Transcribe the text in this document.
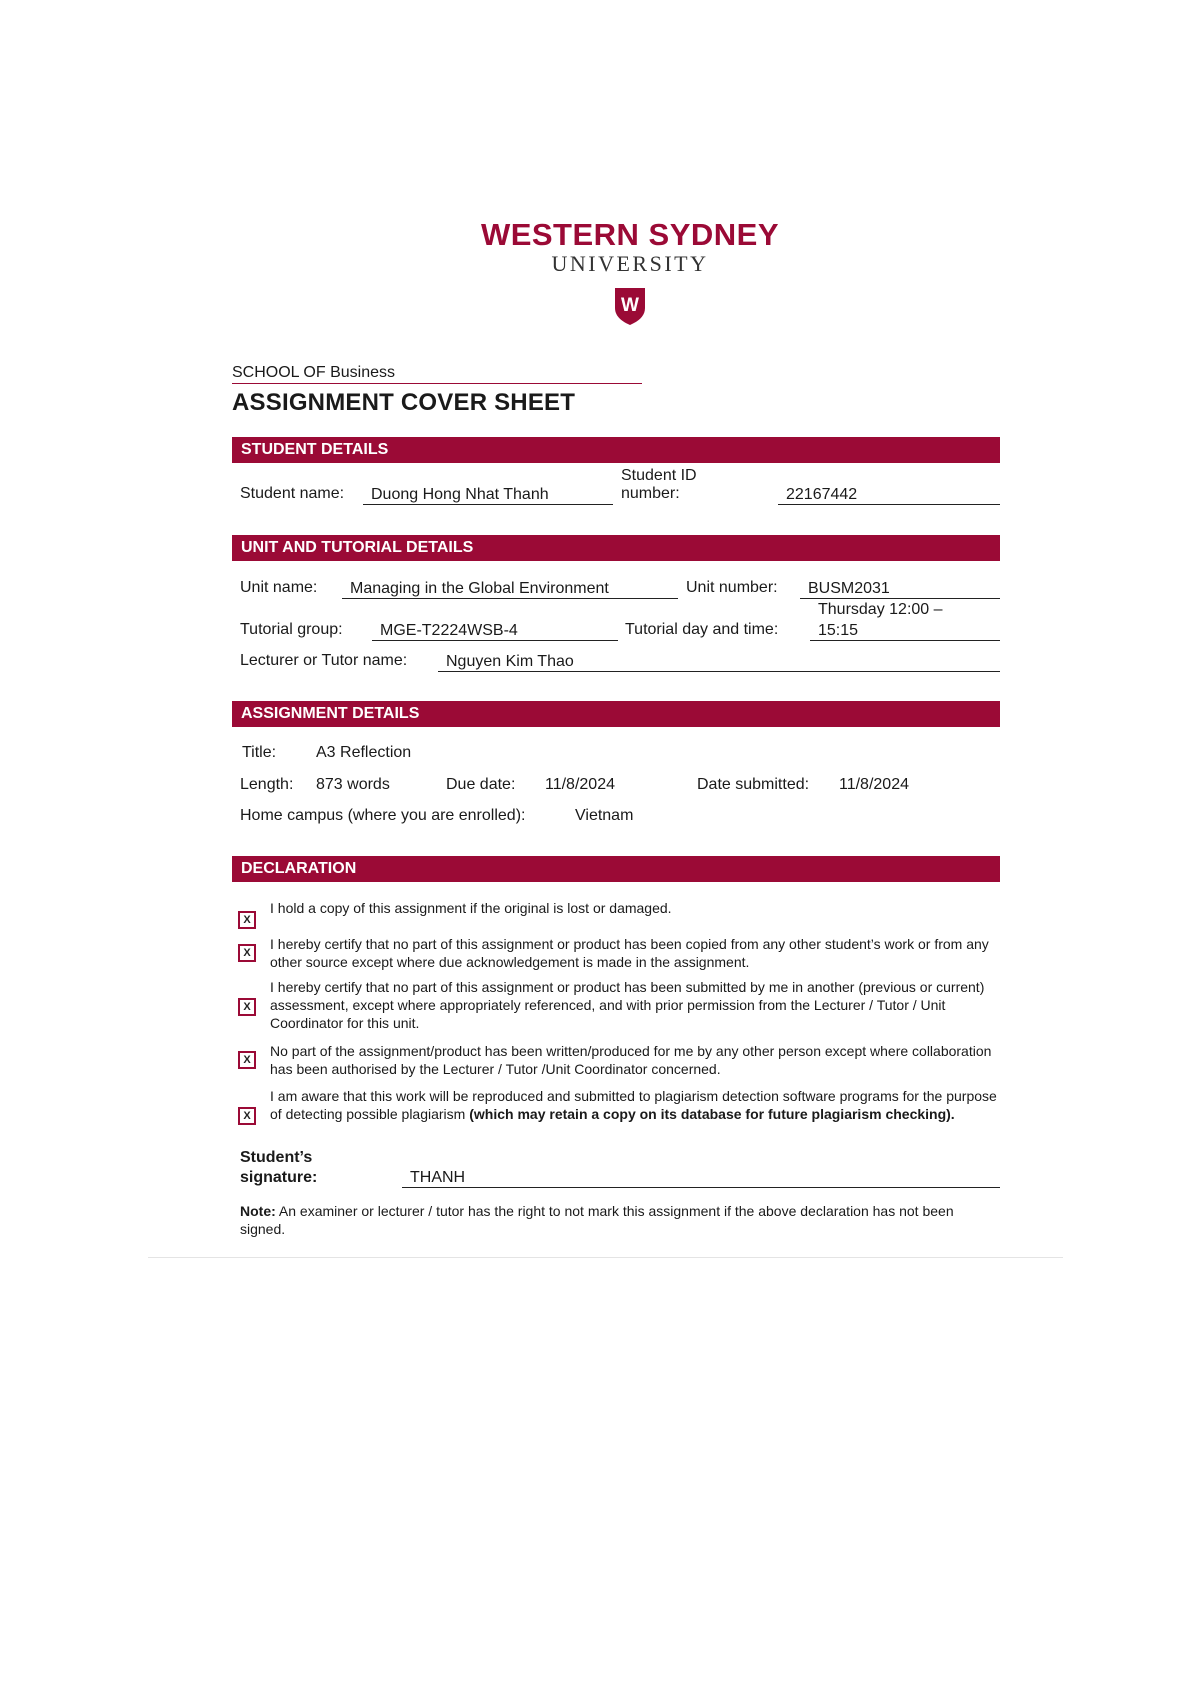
WESTERN SYDNEY
UNIVERSITY
W
SCHOOL OF Business
ASSIGNMENT COVER SHEET
STUDENT DETAILS
Student name:	Duong Hong Nhat Thanh
Student ID
number:	22167442
UNIT AND TUTORIAL DETAILS
Unit name:	Managing in the Global Environment	Unit number:	BUSM2031
Tutorial group:	MGE-T2224WSB-4	Tutorial day and time:
Thursday 12:00 –
15:15
Lecturer or Tutor name:	Nguyen Kim Thao
ASSIGNMENT DETAILS
Title: A3 Reflection
Length: 873 words	Due date: 11/8/2024	Date submitted: 11/8/2024
Home campus (where you are enrolled):	Vietnam
DECLARATION
X
I hold a copy of this assignment if the original is lost or damaged.
X
I hereby certify that no part of this assignment or product has been copied from any other student’s work or from any other source except where due acknowledgement is made in the assignment.
X
I hereby certify that no part of this assignment or product has been submitted by me in another (previous or current) assessment, except where appropriately referenced, and with prior permission from the Lecturer / Tutor / Unit Coordinator for this unit.
X
No part of the assignment/product has been written/produced for me by any other person except where collaboration has been authorised by the Lecturer / Tutor /Unit Coordinator concerned.
X
I am aware that this work will be reproduced and submitted to plagiarism detection software programs for the purpose of detecting possible plagiarism (which may retain a copy on its database for future plagiarism checking).
Student’s
signature:	THANH
Note: An examiner or lecturer / tutor has the right to not mark this assignment if the above declaration has not been signed.
